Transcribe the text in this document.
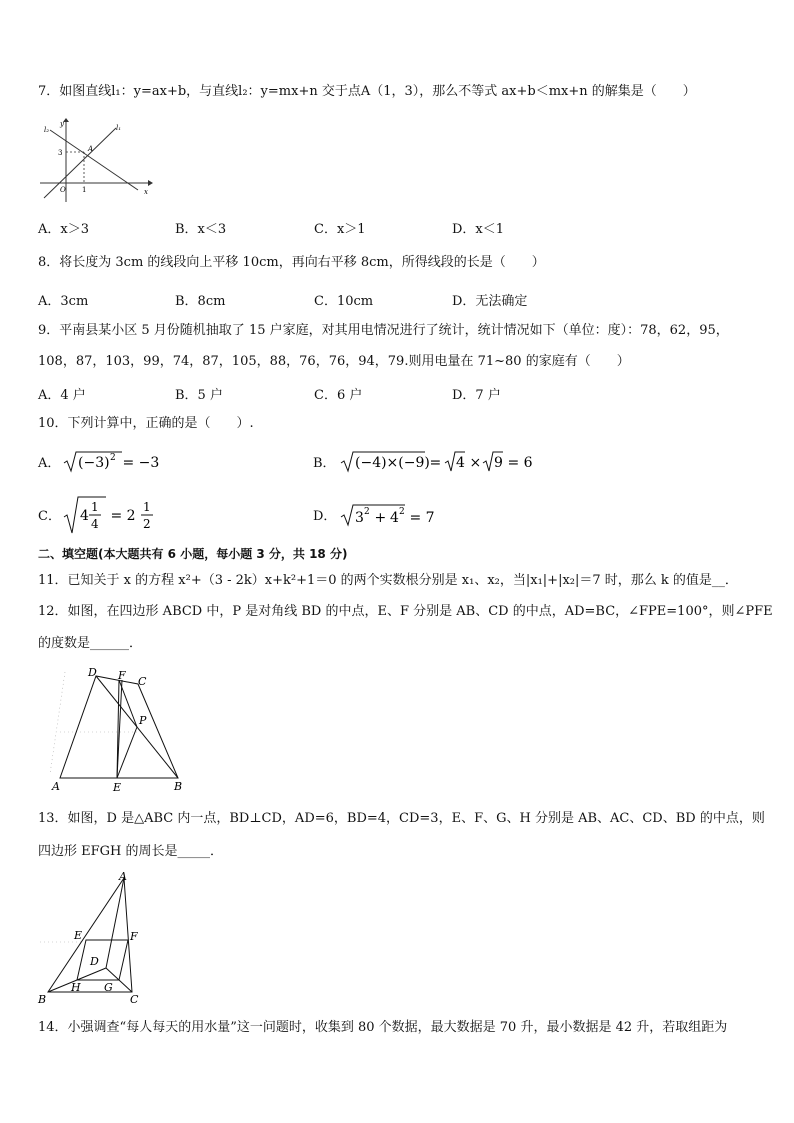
7．如图直线l₁：y=ax+b，与直线l₂：y=mx+n 交于点A（1，3），那么不等式 ax+b＜mx+n 的解集是（　　）
l₂
y	l₁
3	A
O 1	x
A．x＞3	B．x＜3	C．x＞1	D．x＜1
8．将长度为 3cm 的线段向上平移 10cm，再向右平移 8cm，所得线段的长是（　　）
A．3cm	B．8cm	C．10cm	D．无法确定
9．平南县某小区 5 月份随机抽取了 15 户家庭，对其用电情况进行了统计，统计情况如下（单位：度）：78，62，95，
108，87，103，99，74，87，105，88，76，76，94，79.则用电量在 71~80 的家庭有（　　）
A．4 户	B．5 户	C．6 户	D．7 户
10．下列计算中，正确的是（　　）.
A． (−3) 2 = −3	B． (−4)×(−9)
= 4 × 9 = 6
C． 4
1
4 = 2
1
2	D． 3 2 + 4 2 = 7
二、填空题(本大题共有 6 小题，每小题 3 分，共 18 分)
11．已知关于 x 的方程 x²+（3 - 2k）x+k²+1＝0 的两个实数根分别是 x₁、x₂，当|x₁|+|x₂|＝7 时，那么 k 的值是__．
12．如图，在四边形 ABCD 中，P 是对角线 BD 的中点，E、F 分别是 AB、CD 的中点，AD=BC，∠FPE=100°，则∠PFE
的度数是______．
D F C
P
A	E	B
13．如图，D 是△ABC 内一点，BD⊥CD，AD=6，BD=4，CD=3，E、F、G、H 分别是 AB、AC、CD、BD 的中点，则
四边形 EFGH 的周长是_____．
A
E	F
D
B
H G
C
14．小强调查“每人每天的用水量”这一问题时，收集到 80 个数据，最大数据是 70 升，最小数据是 42 升，若取组距为
